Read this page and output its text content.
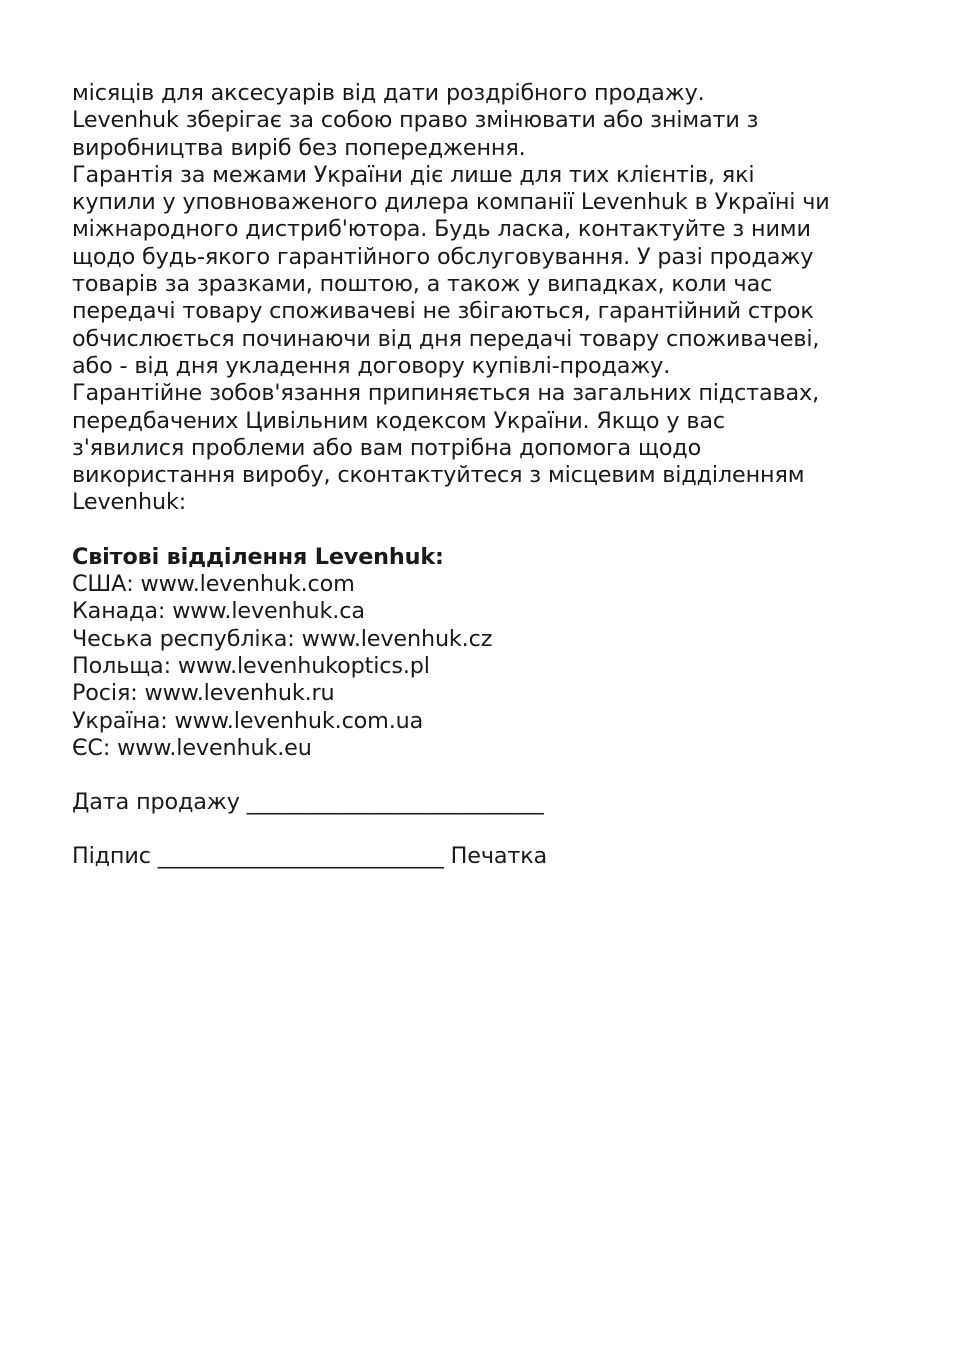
місяців для аксесуарів від дати роздрібного продажу.
Levenhuk зберігає за собою право змінювати або знімати з
виробництва виріб без попередження.
Гарантія за межами України діє лише для тих клієнтів, які
купили у уповноваженого дилера компанії Levenhuk в Україні чи
міжнародного дистриб'ютора. Будь ласка, контактуйте з ними
щодо будь-якого гарантійного обслуговування. У разі продажу
товарів за зразками, поштою, а також у випадках, коли час
передачі товару споживачеві не збігаються, гарантійний строк
обчислюється починаючи від дня передачі товару споживачеві,
або - від дня укладення договору купівлі-продажу.
Гарантійне зобов'язання припиняється на загальних підставах,
передбачених Цивільним кодексом України. Якщо у вас
з'явилися проблеми або вам потрібна допомога щодо
використання виробу, сконтактуйтеся з місцевим відділенням
Levenhuk:

Світові відділення Levenhuk:
США: www.levenhuk.com
Канада: www.levenhuk.ca
Чеська республіка: www.levenhuk.cz
Польща: www.levenhukoptics.pl
Росія: www.levenhuk.ru
Україна: www.levenhuk.com.ua
ЄС: www.levenhuk.eu
Дата продажу ___________________________
Підпис __________________________ Печатка
